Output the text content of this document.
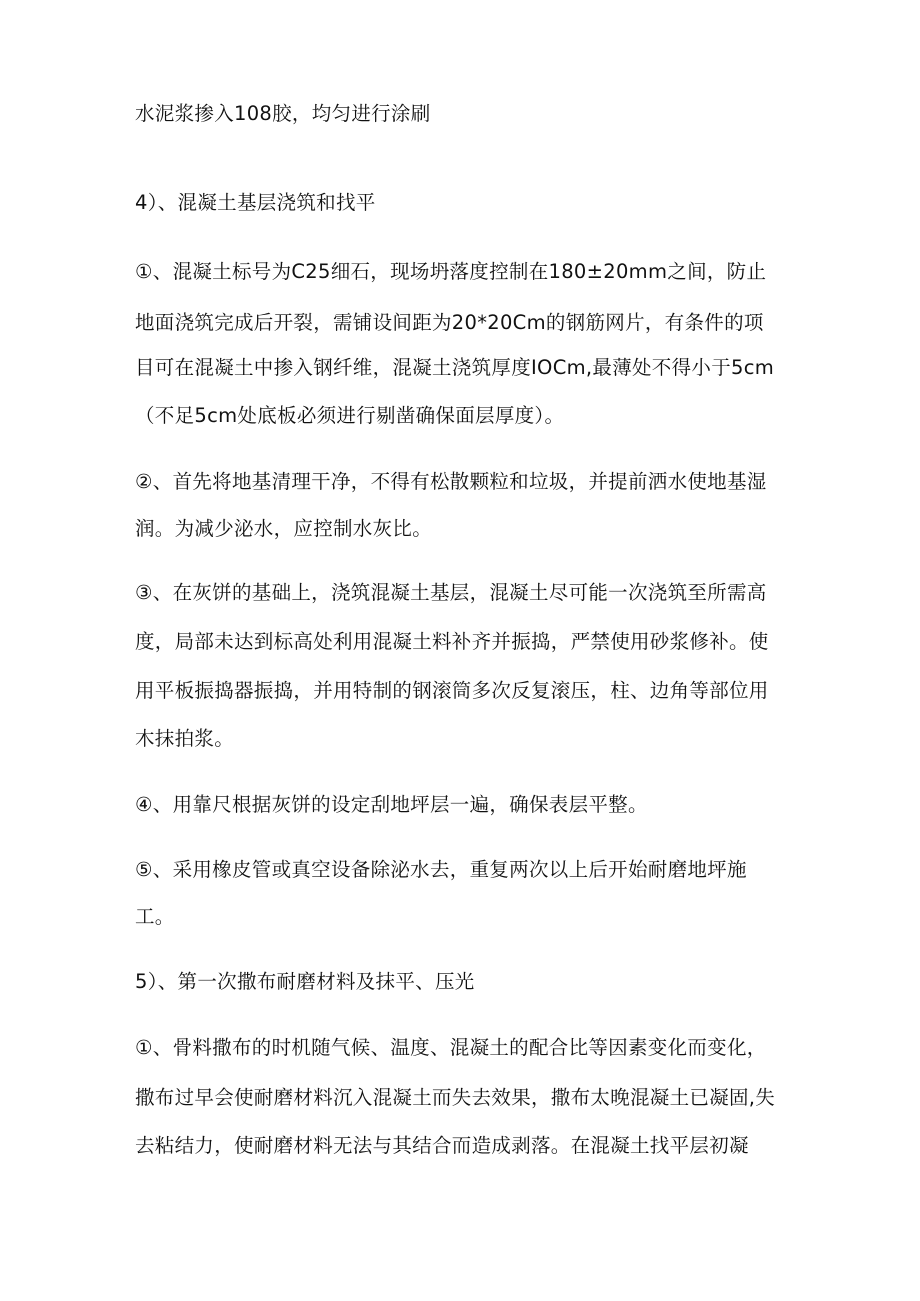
水泥浆掺入108胶，均匀进行涂刷
4）、混凝土基层浇筑和找平
①、混凝土标号为C25细石，现场坍落度控制在180±20mm之间，防止
地面浇筑完成后开裂，需铺设间距为20*20Cm的钢筋网片，有条件的项
目可在混凝土中掺入钢纤维，混凝土浇筑厚度IOCm,最薄处不得小于5cm
（不足5cm处底板必须进行剔凿确保面层厚度）。
②、首先将地基清理干净，不得有松散颗粒和垃圾，并提前洒水使地基湿
润。为减少泌水，应控制水灰比。
③、在灰饼的基础上，浇筑混凝土基层，混凝土尽可能一次浇筑至所需高
度，局部未达到标高处利用混凝土料补齐并振捣，严禁使用砂浆修补。使
用平板振捣器振捣，并用特制的钢滚筒多次反复滚压，柱、边角等部位用
木抹拍浆。
④、用靠尺根据灰饼的设定刮地坪层一遍，确保表层平整。
⑤、采用橡皮管或真空设备除泌水去，重复两次以上后开始耐磨地坪施
工。
5）、第一次撒布耐磨材料及抹平、压光
①、骨料撒布的时机随气候、温度、混凝土的配合比等因素变化而变化，
撒布过早会使耐磨材料沉入混凝土而失去效果，撒布太晚混凝土已凝固,失
去粘结力，使耐磨材料无法与其结合而造成剥落。在混凝土找平层初凝
